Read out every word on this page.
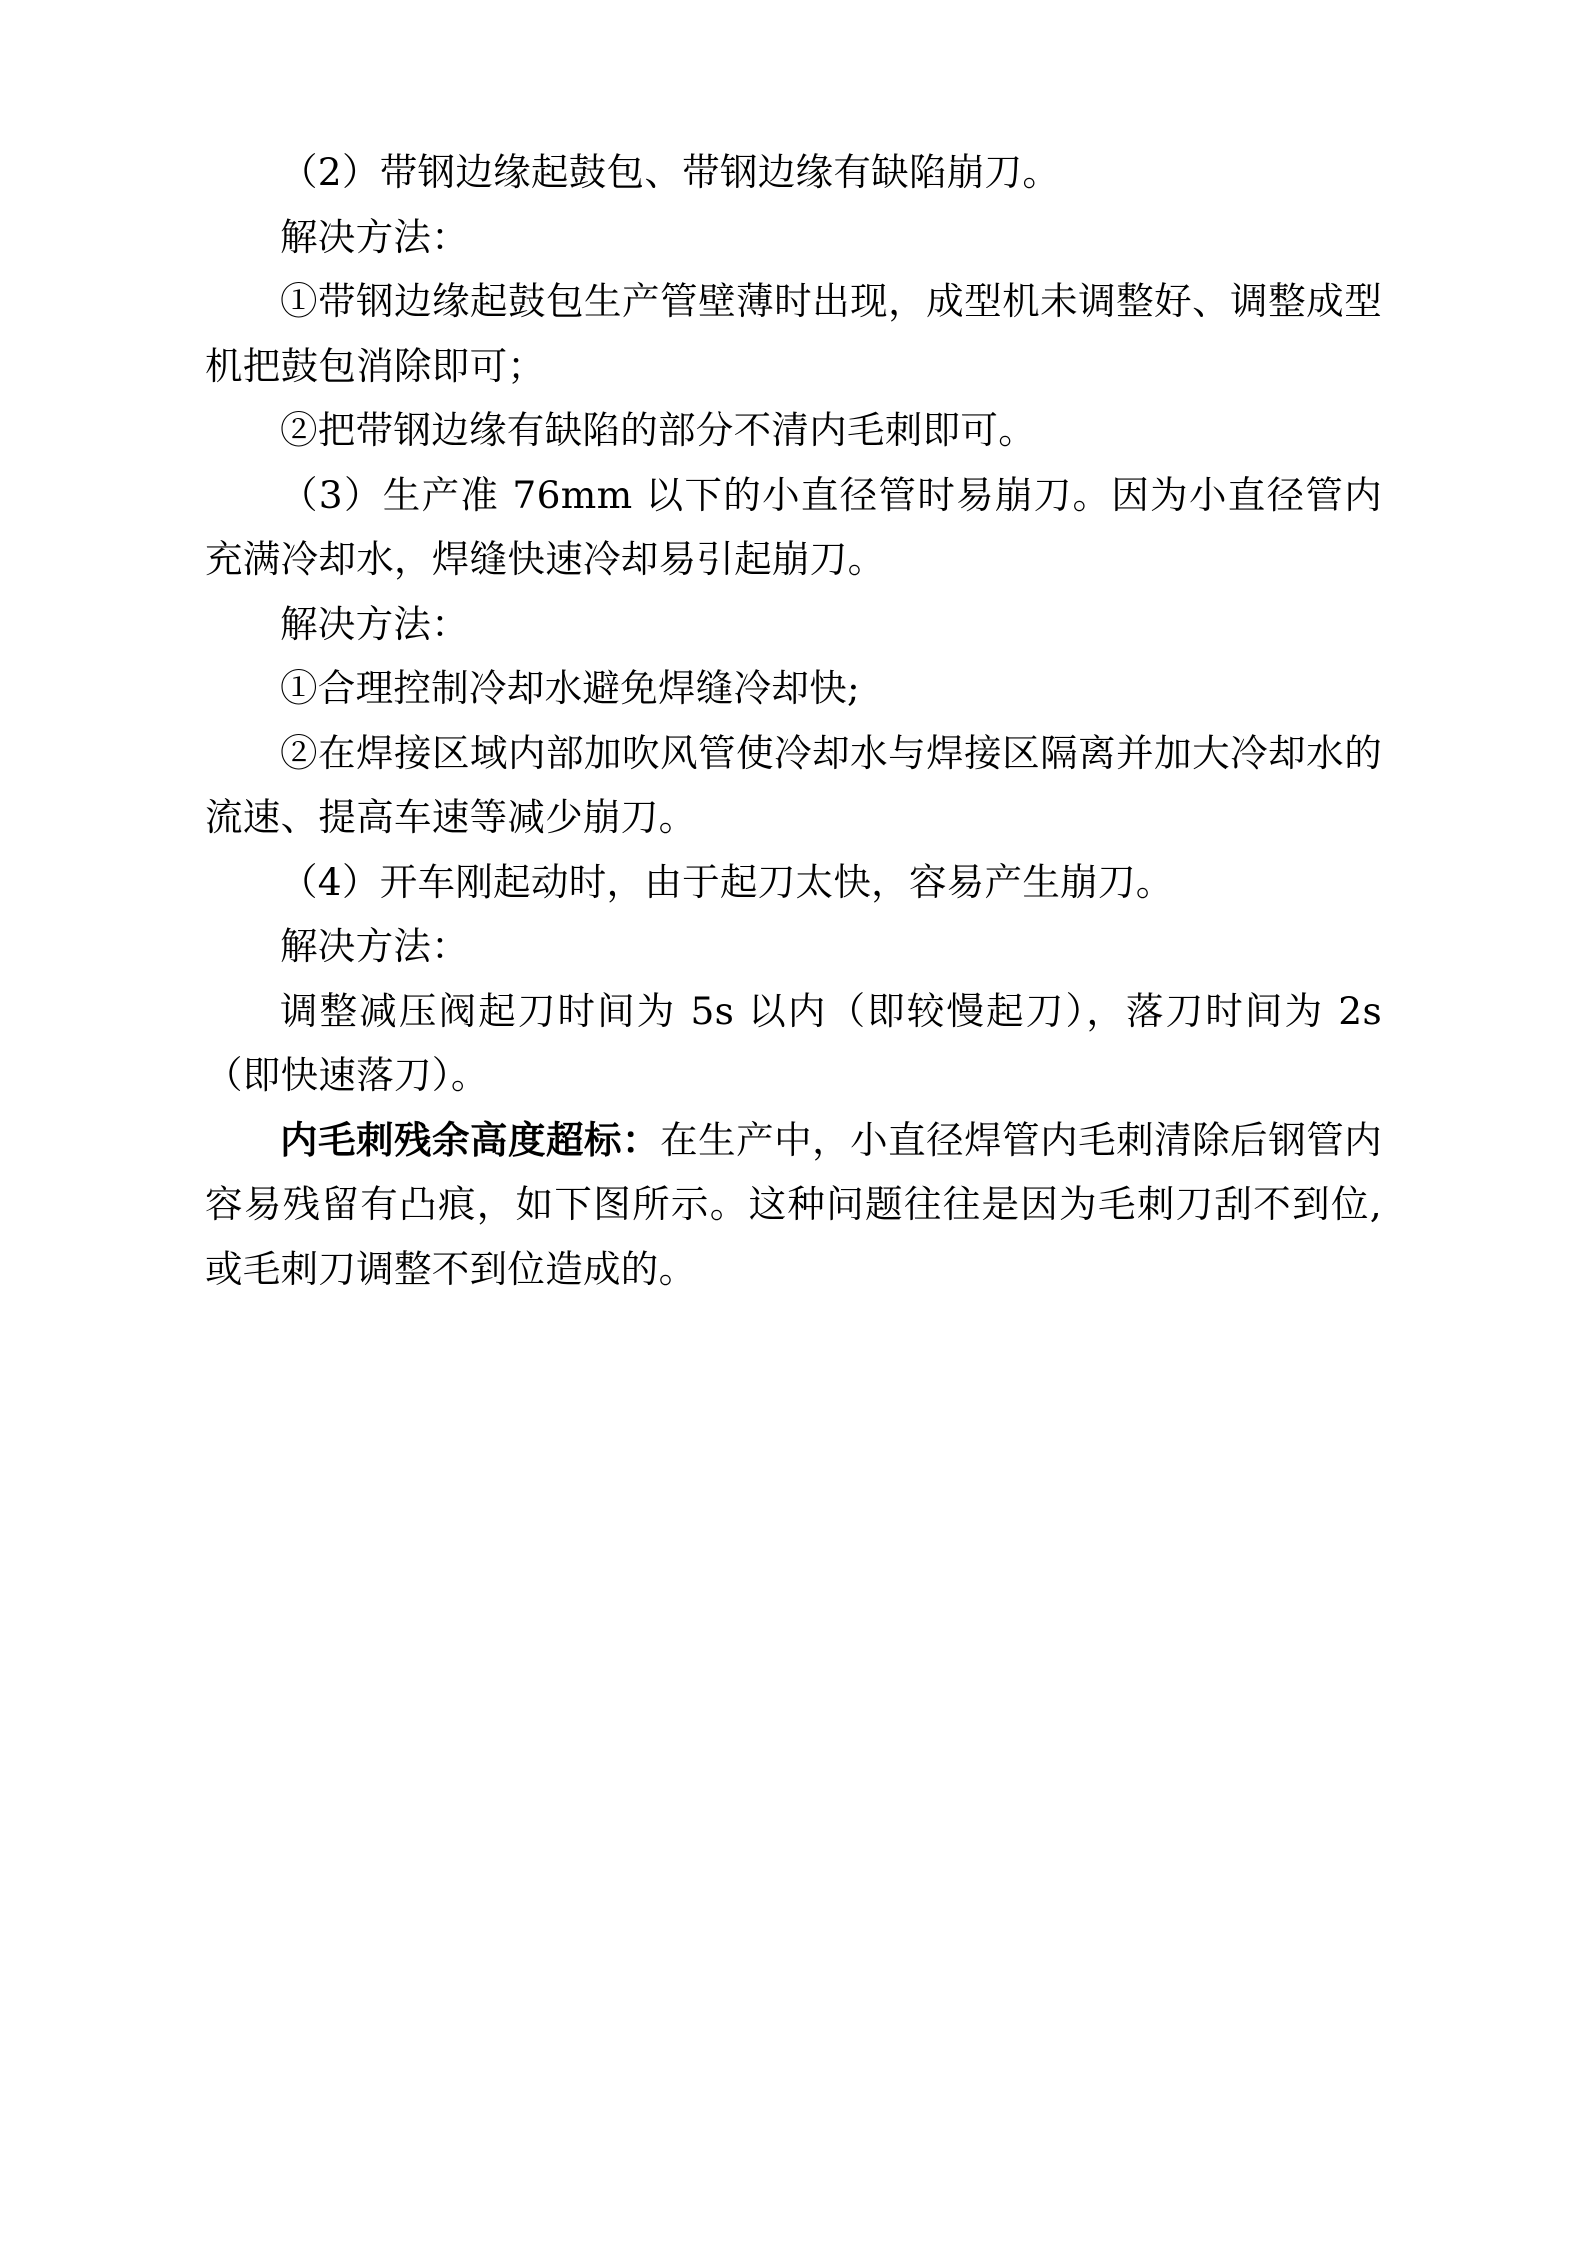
（2）带钢边缘起鼓包、带钢边缘有缺陷崩刀。

解决方法：

①带钢边缘起鼓包生产管壁薄时出现，成型机未调整好、调整成型机把鼓包消除即可；

②把带钢边缘有缺陷的部分不清内毛刺即可。

（3）生产准 76mm 以下的小直径管时易崩刀。因为小直径管内充满冷却水，焊缝快速冷却易引起崩刀。

解决方法：

①合理控制冷却水避免焊缝冷却快;

②在焊接区域内部加吹风管使冷却水与焊接区隔离并加大冷却水的流速、提高车速等减少崩刀。

（4）开车刚起动时，由于起刀太快，容易产生崩刀。

解决方法：

调整减压阀起刀时间为 5s 以内（即较慢起刀），落刀时间为 2s（即快速落刀）。

内毛刺残余高度超标：在生产中，小直径焊管内毛刺清除后钢管内容易残留有凸痕，如下图所示。这种问题往往是因为毛刺刀刮不到位,或毛刺刀调整不到位造成的。
